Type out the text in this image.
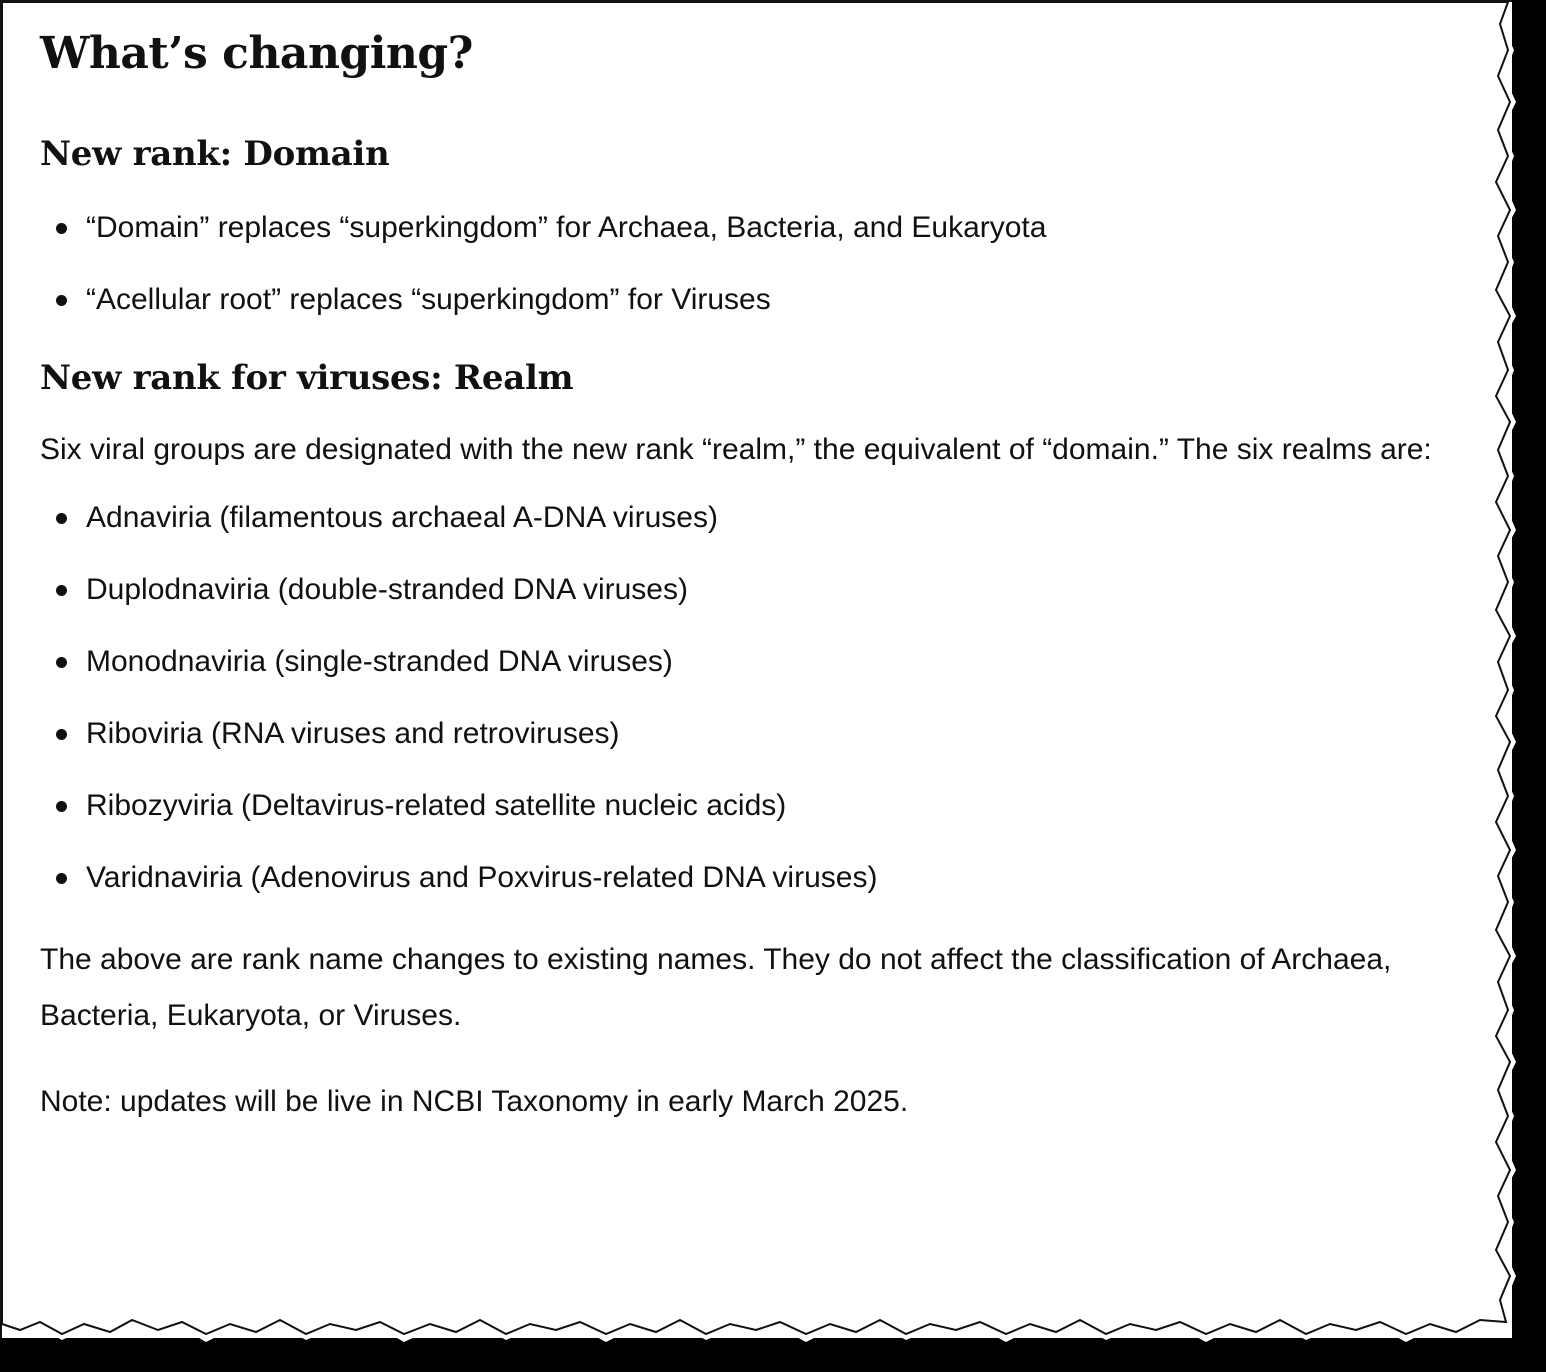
What’s changing?
New rank: Domain
“Domain” replaces “superkingdom” for Archaea, Bacteria, and Eukaryota
“Acellular root” replaces “superkingdom” for Viruses
New rank for viruses: Realm

Six viral groups are designated with the new rank “realm,” the equivalent of “domain.” The six realms are:

Adnaviria (filamentous archaeal A-DNA viruses)
Duplodnaviria (double-stranded DNA viruses)
Monodnaviria (single-stranded DNA viruses)
Riboviria (RNA viruses and retroviruses)
Ribozyviria (Deltavirus-related satellite nucleic acids)
Varidnaviria (Adenovirus and Poxvirus-related DNA viruses)

The above are rank name changes to existing names. They do not affect the classification of Archaea, Bacteria, Eukaryota, or Viruses.

Note: updates will be live in NCBI Taxonomy in early March 2025.
